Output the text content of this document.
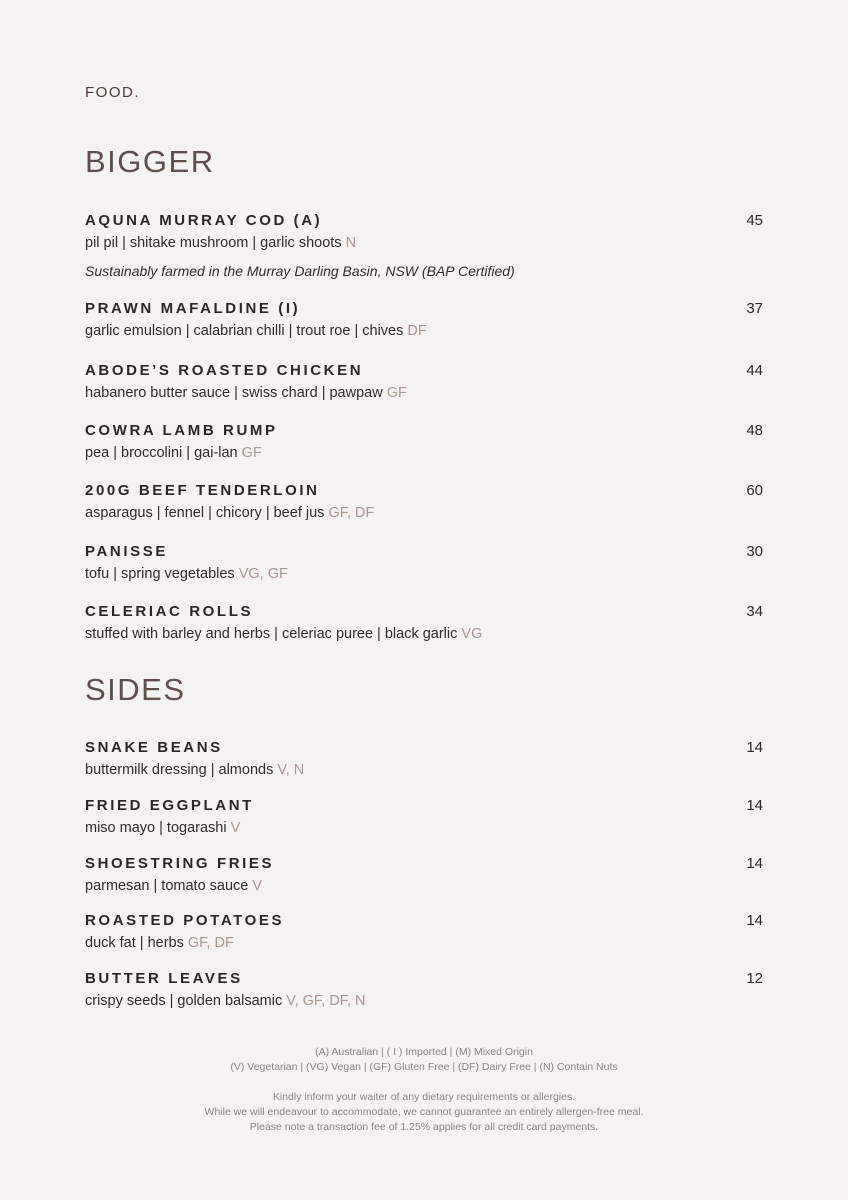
FOOD.
BIGGER
AQUNA MURRAY COD (A)	45
pil pil | shitake mushroom | garlic shoots N
Sustainably farmed in the Murray Darling Basin, NSW (BAP Certified)
PRAWN MAFALDINE (I)	37
garlic emulsion | calabrian chilli | trout roe | chives DF
ABODE’S ROASTED CHICKEN	44
habanero butter sauce | swiss chard | pawpaw GF
COWRA LAMB RUMP	48
pea | broccolini | gai-lan GF
200G BEEF TENDERLOIN	60
asparagus | fennel | chicory | beef jus GF, DF
PANISSE	30
tofu | spring vegetables VG, GF
CELERIAC ROLLS	34
stuffed with barley and herbs | celeriac puree | black garlic VG
SIDES
SNAKE BEANS	14
buttermilk dressing | almonds V, N
FRIED EGGPLANT	14
miso mayo | togarashi V
SHOESTRING FRIES	14
parmesan | tomato sauce V
ROASTED POTATOES	14
duck fat | herbs GF, DF
BUTTER LEAVES	12
crispy seeds | golden balsamic V, GF, DF, N
(A) Australian | ( I ) Imported | (M) Mixed Origin
(V) Vegetarian | (VG) Vegan | (GF) Gluten Free | (DF) Dairy Free | (N) Contain Nuts
Kindly inform your waiter of any dietary requirements or allergies.
While we will endeavour to accommodate, we cannot guarantee an entirely allergen-free meal.
Please note a transaction fee of 1.25% applies for all credit card payments.
